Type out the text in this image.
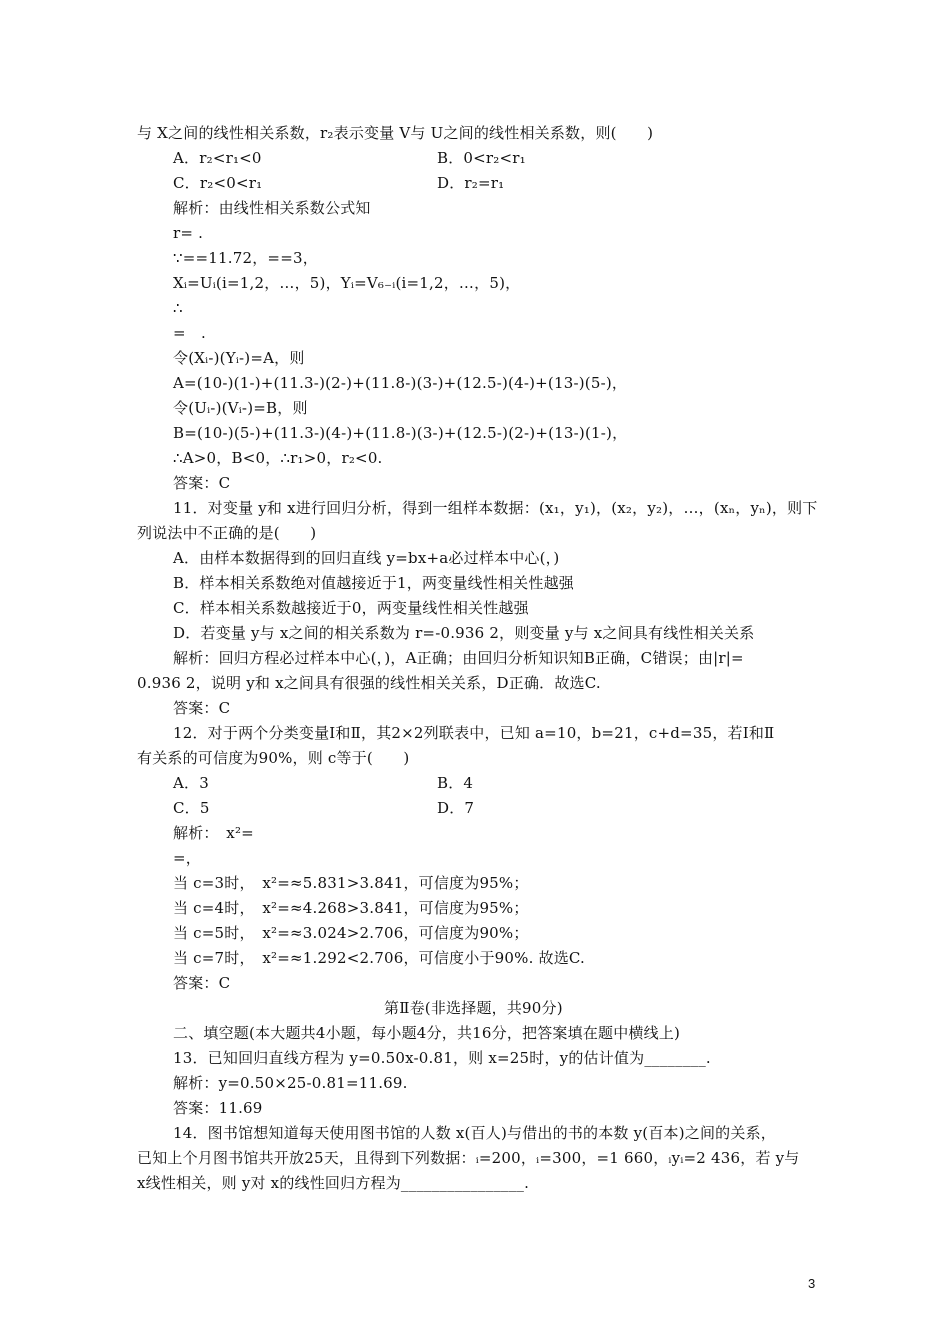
与 X之间的线性相关系数，r₂表示变量 V与 U之间的线性相关系数，则(　　)
A．r₂<r₁<0	B．0<r₂<r₁
C．r₂<0<r₁	D．r₂=r₁
解析：由线性相关系数公式知
r= .
∵==11.72，==3，
Xᵢ=Uᵢ(i=1,2，…，5)，Yᵢ=V₆₋ᵢ(i=1,2，…，5)，
∴
=　.
令(Xᵢ-)(Yᵢ-)=A，则
A=(10-)(1-)+(11.3-)(2-)+(11.8-)(3-)+(12.5-)(4-)+(13-)(5-)，
令(Uᵢ-)(Vᵢ-)=B，则
B=(10-)(5-)+(11.3-)(4-)+(11.8-)(3-)+(12.5-)(2-)+(13-)(1-)，
∴A>0，B<0，∴r₁>0，r₂<0.
答案：C
11．对变量 y和 x进行回归分析，得到一组样本数据：(x₁，y₁)，(x₂，y₂)，…，(xₙ，yₙ)，则下
列说法中不正确的是(　　)
A．由样本数据得到的回归直线 y=bx+a必过样本中心(，)
B．样本相关系数绝对值越接近于1，两变量线性相关性越强
C．样本相关系数越接近于0，两变量线性相关性越强
D．若变量 y与 x之间的相关系数为 r=-0.936 2，则变量 y与 x之间具有线性相关关系
解析：回归方程必过样本中心(，)，A正确；由回归分析知识知B正确，C错误；由|r|=
0.936 2，说明 y和 x之间具有很强的线性相关关系，D正确．故选C.
答案：C
12．对于两个分类变量Ⅰ和Ⅱ，其2×2列联表中，已知 a=10，b=21，c+d=35，若Ⅰ和Ⅱ
有关系的可信度为90%，则 c等于(　　)
A．3	B．4
C．5	D．7
解析：　x²=
=，
当 c=3时，　x²=≈5.831>3.841，可信度为95%；
当 c=4时，　x²=≈4.268>3.841，可信度为95%；
当 c=5时，　x²=≈3.024>2.706，可信度为90%；
当 c=7时，　x²=≈1.292<2.706，可信度小于90%. 故选C.
答案：C
第Ⅱ卷(非选择题，共90分)
二、填空题(本大题共4小题，每小题4分，共16分，把答案填在题中横线上)
13．已知回归直线方程为 y=0.50x-0.81，则 x=25时，y的估计值为________.
解析：y=0.50×25-0.81=11.69.
答案：11.69
14．图书馆想知道每天使用图书馆的人数 x(百人)与借出的书的本数 y(百本)之间的关系，
已知上个月图书馆共开放25天，且得到下列数据：ᵢ=200，ᵢ=300，=1 660，ᵢyᵢ=2 436，若 y与
x线性相关，则 y对 x的线性回归方程为________________.
3
